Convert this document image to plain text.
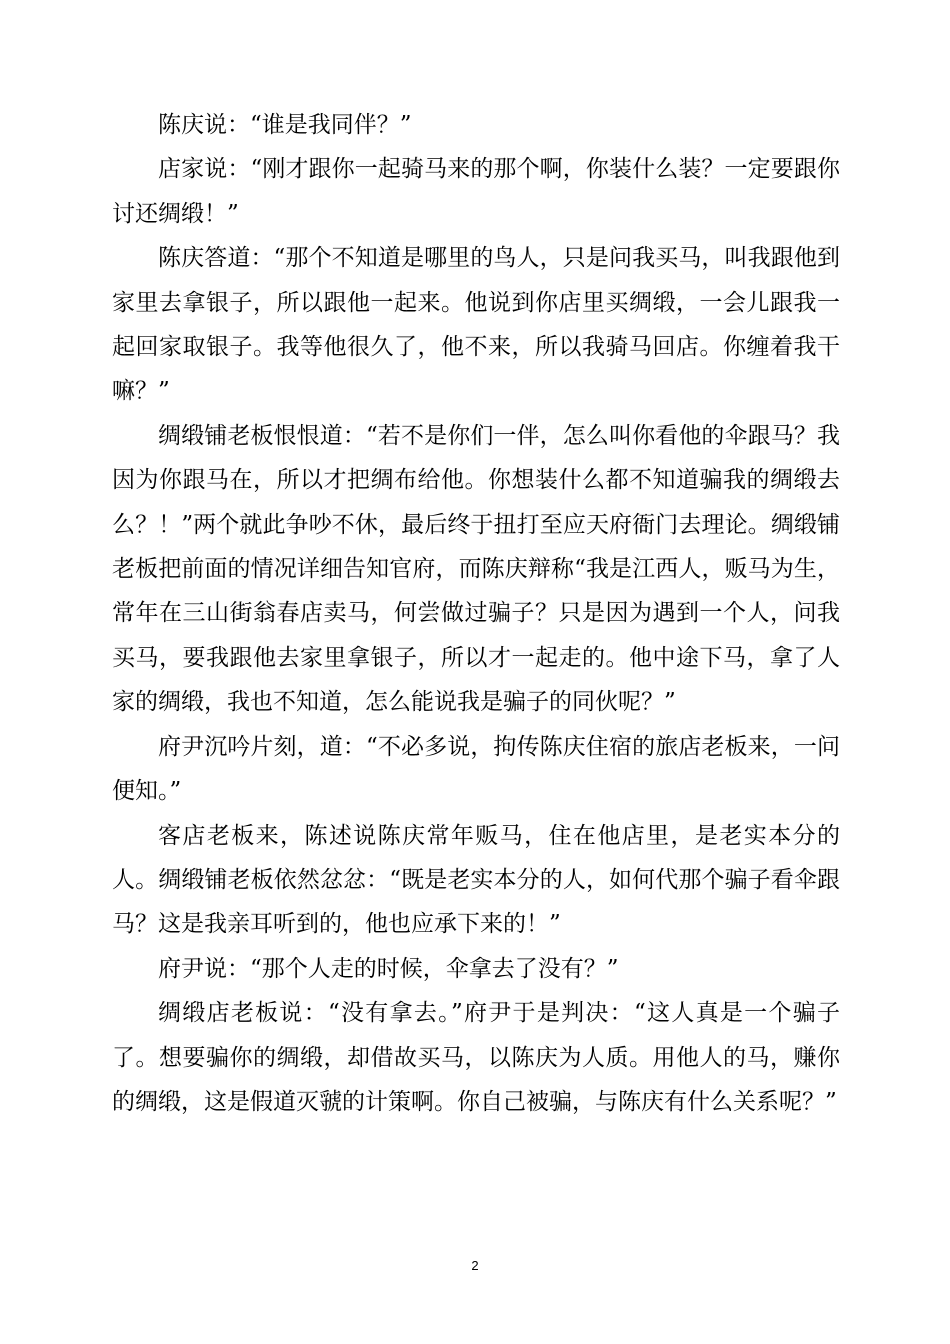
陈庆说：“谁是我同伴？”

店家说：“刚才跟你一起骑马来的那个啊，你装什么装？一定要跟你讨还绸缎！”

陈庆答道：“那个不知道是哪里的鸟人，只是问我买马，叫我跟他到家里去拿银子，所以跟他一起来。他说到你店里买绸缎，一会儿跟我一起回家取银子。我等他很久了，他不来，所以我骑马回店。你缠着我干嘛？”

绸缎铺老板恨恨道：“若不是你们一伴，怎么叫你看他的伞跟马？我因为你跟马在，所以才把绸布给他。你想装什么都不知道骗我的绸缎去么？！”两个就此争吵不休，最后终于扭打至应天府衙门去理论。绸缎铺老板把前面的情况详细告知官府，而陈庆辩称“我是江西人，贩马为生，常年在三山街翁春店卖马，何尝做过骗子？只是因为遇到一个人，问我买马，要我跟他去家里拿银子，所以才一起走的。他中途下马，拿了人家的绸缎，我也不知道，怎么能说我是骗子的同伙呢？”

府尹沉吟片刻，道：“不必多说，拘传陈庆住宿的旅店老板来，一问便知。”

客店老板来，陈述说陈庆常年贩马，住在他店里，是老实本分的人。绸缎铺老板依然忿忿：“既是老实本分的人，如何代那个骗子看伞跟马？这是我亲耳听到的，他也应承下来的！”

府尹说：“那个人走的时候，伞拿去了没有？”

绸缎店老板说：“没有拿去。”府尹于是判决：“这人真是一个骗子了。想要骗你的绸缎，却借故买马，以陈庆为人质。用他人的马，赚你的绸缎，这是假道灭虢的计策啊。你自己被骗，与陈庆有什么关系呢？”

2
